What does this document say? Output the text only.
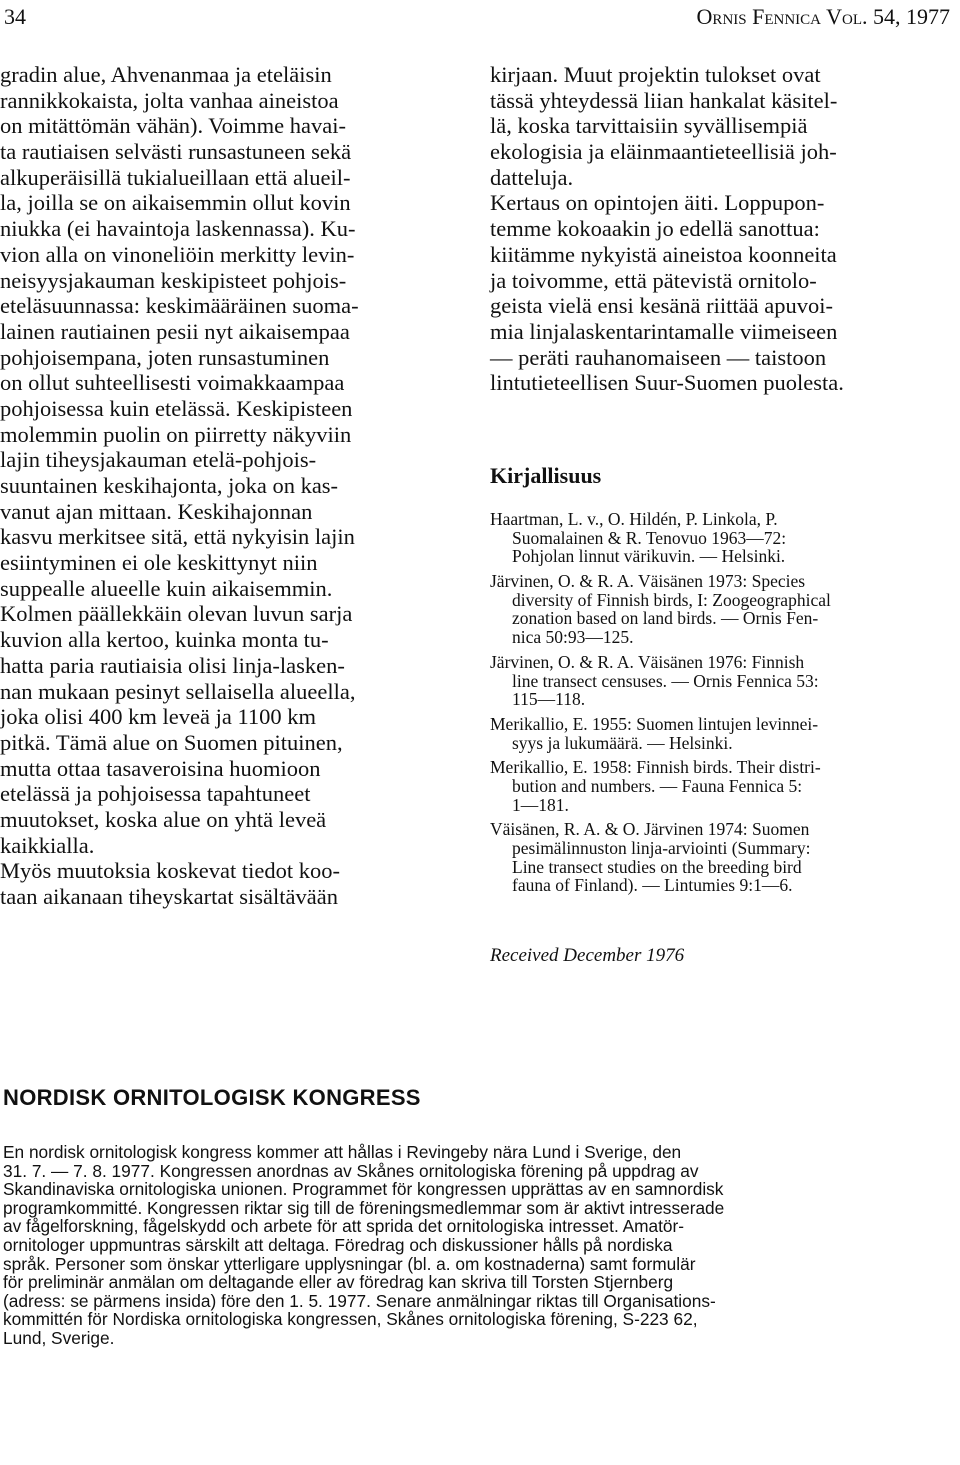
34	Ornis Fennica Vol. 54, 1977
gradin alue, Ahvenanmaa ja eteläisin
rannikkokaista, jolta vanhaa aineistoa
on mitättömän vähän). Voimme havai-
ta rautiaisen selvästi runsastuneen sekä
alkuperäisillä tukialueillaan että alueil-
la, joilla se on aikaisemmin ollut kovin
niukka (ei havaintoja laskennassa). Ku-
vion alla on vinoneliöin merkitty levin-
neisyysjakauman keskipisteet pohjois-
eteläsuunnassa: keskimääräinen suoma-
lainen rautiainen pesii nyt aikaisempaa
pohjoisempana, joten runsastuminen
on ollut suhteellisesti voimakkaampaa
pohjoisessa kuin etelässä. Keskipisteen
molemmin puolin on piirretty näkyviin
lajin tiheysjakauman etelä-pohjois-
suuntainen keskihajonta, joka on kas-
vanut ajan mittaan. Keskihajonnan
kasvu merkitsee sitä, että nykyisin lajin
esiintyminen ei ole keskittynyt niin
suppealle alueelle kuin aikaisemmin.
Kolmen päällekkäin olevan luvun sarja
kuvion alla kertoo, kuinka monta tu-
hatta paria rautiaisia olisi linja-lasken-
nan mukaan pesinyt sellaisella alueella,
joka olisi 400 km leveä ja 1100 km
pitkä. Tämä alue on Suomen pituinen,
mutta ottaa tasaveroisina huomioon
etelässä ja pohjoisessa tapahtuneet
muutokset, koska alue on yhtä leveä
kaikkialla.
Myös muutoksia koskevat tiedot koo-
taan aikanaan tiheyskartat sisältävään
kirjaan. Muut projektin tulokset ovat
tässä yhteydessä liian hankalat käsitel-
lä, koska tarvittaisiin syvällisempiä
ekologisia ja eläinmaantieteellisiä joh-
datteluja.
Kertaus on opintojen äiti. Loppupon-
temme kokoaakin jo edellä sanottua:
kiitämme nykyistä aineistoa koonneita
ja toivomme, että pätevistä ornitolo-
geista vielä ensi kesänä riittää apuvoi-
mia linjalaskentarintamalle viimeiseen
— peräti rauhanomaiseen — taistoon
lintutieteellisen Suur-Suomen puolesta.
Kirjallisuus
Haartman, L. v., O. Hildén, P. Linkola, P.
Suomalainen & R. Tenovuo 1963—72:
Pohjolan linnut värikuvin. — Helsinki.
Järvinen, O. & R. A. Väisänen 1973: Species
diversity of Finnish birds, I: Zoogeographical
zonation based on land birds. — Ornis Fen-
nica 50:93—125.
Järvinen, O. & R. A. Väisänen 1976: Finnish
line transect censuses. — Ornis Fennica 53:
115—118.
Merikallio, E. 1955: Suomen lintujen levinnei-
syys ja lukumäärä. — Helsinki.
Merikallio, E. 1958: Finnish birds. Their distri-
bution and numbers. — Fauna Fennica 5:
1—181.
Väisänen, R. A. & O. Järvinen 1974: Suomen
pesimälinnuston linja-arviointi (Summary:
Line transect studies on the breeding bird
fauna of Finland). — Lintumies 9:1—6.
Received December 1976
NORDISK ORNITOLOGISK KONGRESS
En nordisk ornitologisk kongress kommer att hållas i Revingeby nära Lund i Sverige, den
31. 7. — 7. 8. 1977. Kongressen anordnas av Skånes ornitologiska förening på uppdrag av
Skandinaviska ornitologiska unionen. Programmet för kongressen upprättas av en samnordisk
programkommitté. Kongressen riktar sig till de föreningsmedlemmar som är aktivt intresserade
av fågelforskning, fågelskydd och arbete för att sprida det ornitologiska intresset. Amatör-
ornitologer uppmuntras särskilt att deltaga. Föredrag och diskussioner hålls på nordiska
språk. Personer som önskar ytterligare upplysningar (bl. a. om kostnaderna) samt formulär
för preliminär anmälan om deltagande eller av föredrag kan skriva till Torsten Stjernberg
(adress: se pärmens insida) före den 1. 5. 1977. Senare anmälningar riktas till Organisations-
kommittén för Nordiska ornitologiska kongressen, Skånes ornitologiska förening, S-223 62,
Lund, Sverige.
